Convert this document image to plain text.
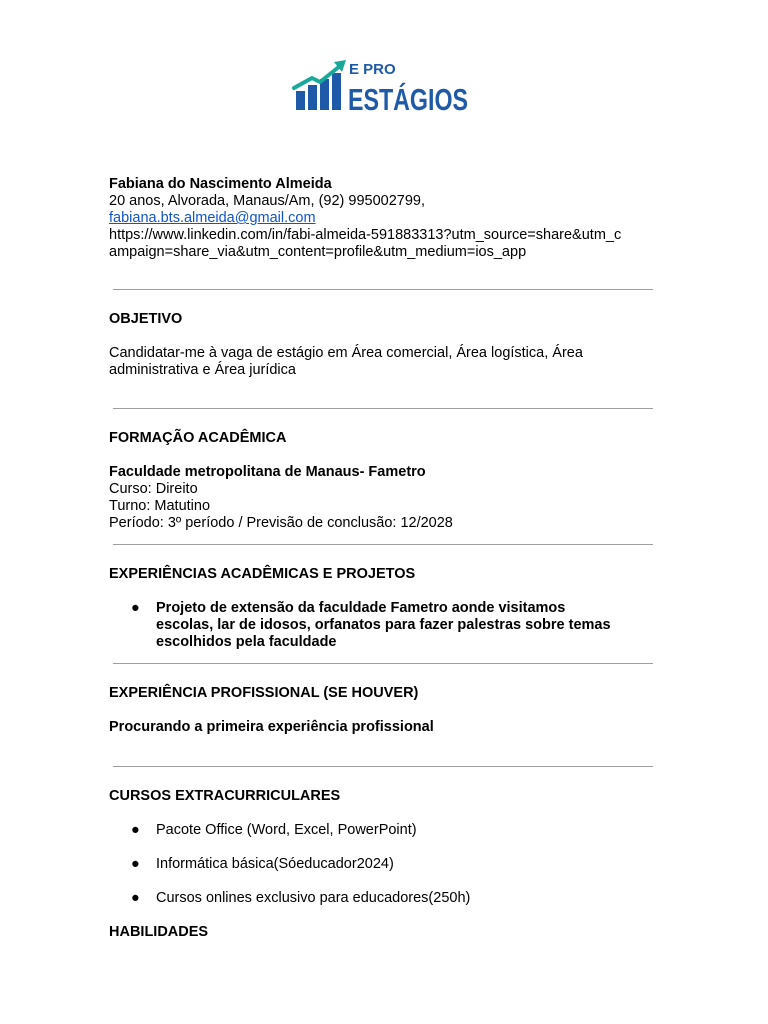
E PRO
ESTÁGIOS
Fabiana do Nascimento Almeida
20 anos, Alvorada, Manaus/Am, (92) 995002799,
fabiana.bts.almeida@gmail.com
https://www.linkedin.com/in/fabi-almeida-591883313?utm_source=share&utm_c
ampaign=share_via&utm_content=profile&utm_medium=ios_app
OBJETIVO
Candidatar-me à vaga de estágio em Área comercial, Área logística, Área
administrativa e Área jurídica
FORMAÇÃO ACADÊMICA
Faculdade metropolitana de Manaus- Fametro
Curso: Direito
Turno: Matutino
Período: 3º período / Previsão de conclusão: 12/2028
EXPERIÊNCIAS ACADÊMICAS E PROJETOS
● Projeto de extensão da faculdade Fametro aonde visitamos
escolas, lar de idosos, orfanatos para fazer palestras sobre temas
escolhidos pela faculdade
EXPERIÊNCIA PROFISSIONAL (SE HOUVER)
Procurando a primeira experiência profissional
CURSOS EXTRACURRICULARES
● Pacote Office (Word, Excel, PowerPoint)
● Informática básica(Sóeducador2024)
● Cursos onlines exclusivo para educadores(250h)
HABILIDADES
